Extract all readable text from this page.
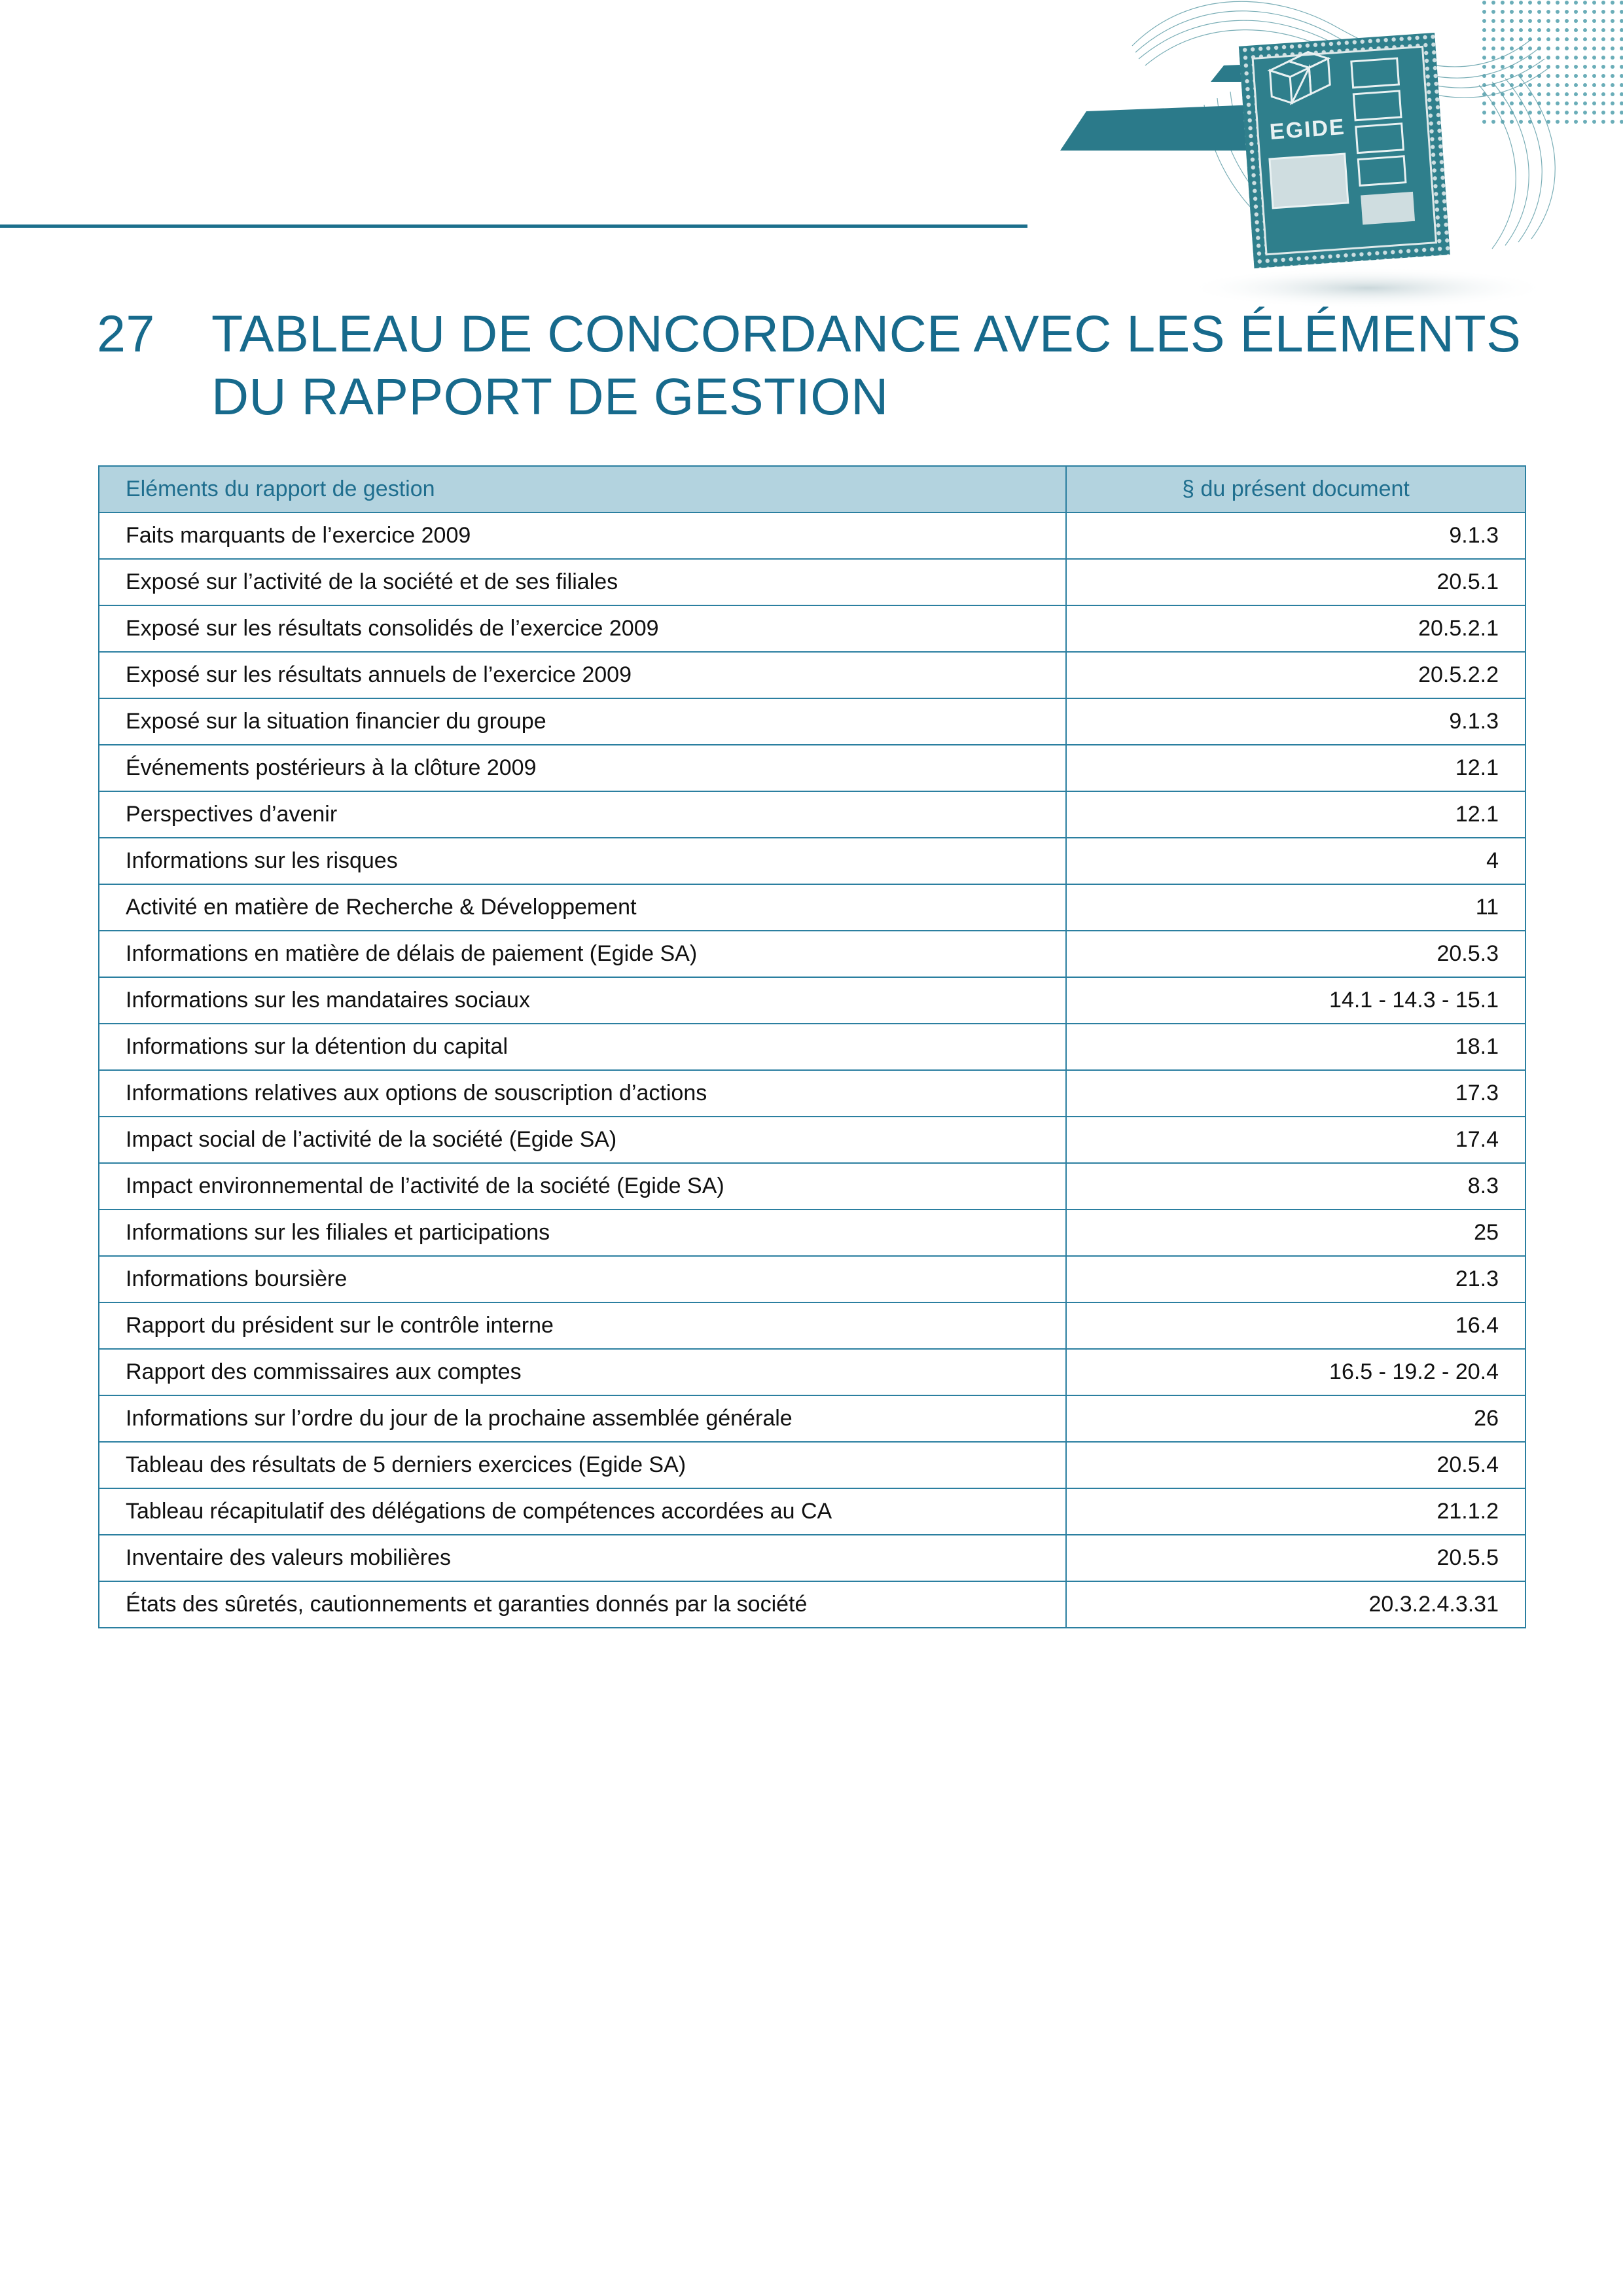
EGIDE
27 TABLEAU DE CONCORDANCE AVEC LES ÉLÉMENTS DU RAPPORT DE GESTION
Eléments du rapport de gestion	§ du présent document
Faits marquants de l’exercice 2009	9.1.3
Exposé sur l’activité de la société et de ses filiales	20.5.1
Exposé sur les résultats consolidés de l’exercice 2009	20.5.2.1
Exposé sur les résultats annuels de l’exercice 2009	20.5.2.2
Exposé sur la situation financier du groupe	9.1.3
Événements postérieurs à la clôture 2009	12.1
Perspectives d’avenir	12.1
Informations sur les risques	4
Activité en matière de Recherche & Développement	11
Informations en matière de délais de paiement (Egide SA)	20.5.3
Informations sur les mandataires sociaux	14.1 - 14.3 - 15.1
Informations sur la détention du capital	18.1
Informations relatives aux options de souscription d’actions	17.3
Impact social de l’activité de la société (Egide SA)	17.4
Impact environnemental de l’activité de la société (Egide SA)	8.3
Informations sur les filiales et participations	25
Informations boursière	21.3
Rapport du président sur le contrôle interne	16.4
Rapport des commissaires aux comptes	16.5 - 19.2 - 20.4
Informations sur l’ordre du jour de la prochaine assemblée générale	26
Tableau des résultats de 5 derniers exercices (Egide SA)	20.5.4
Tableau récapitulatif des délégations de compétences accordées au CA	21.1.2
Inventaire des valeurs mobilières	20.5.5
États des sûretés, cautionnements et garanties donnés par la société	20.3.2.4.3.31
